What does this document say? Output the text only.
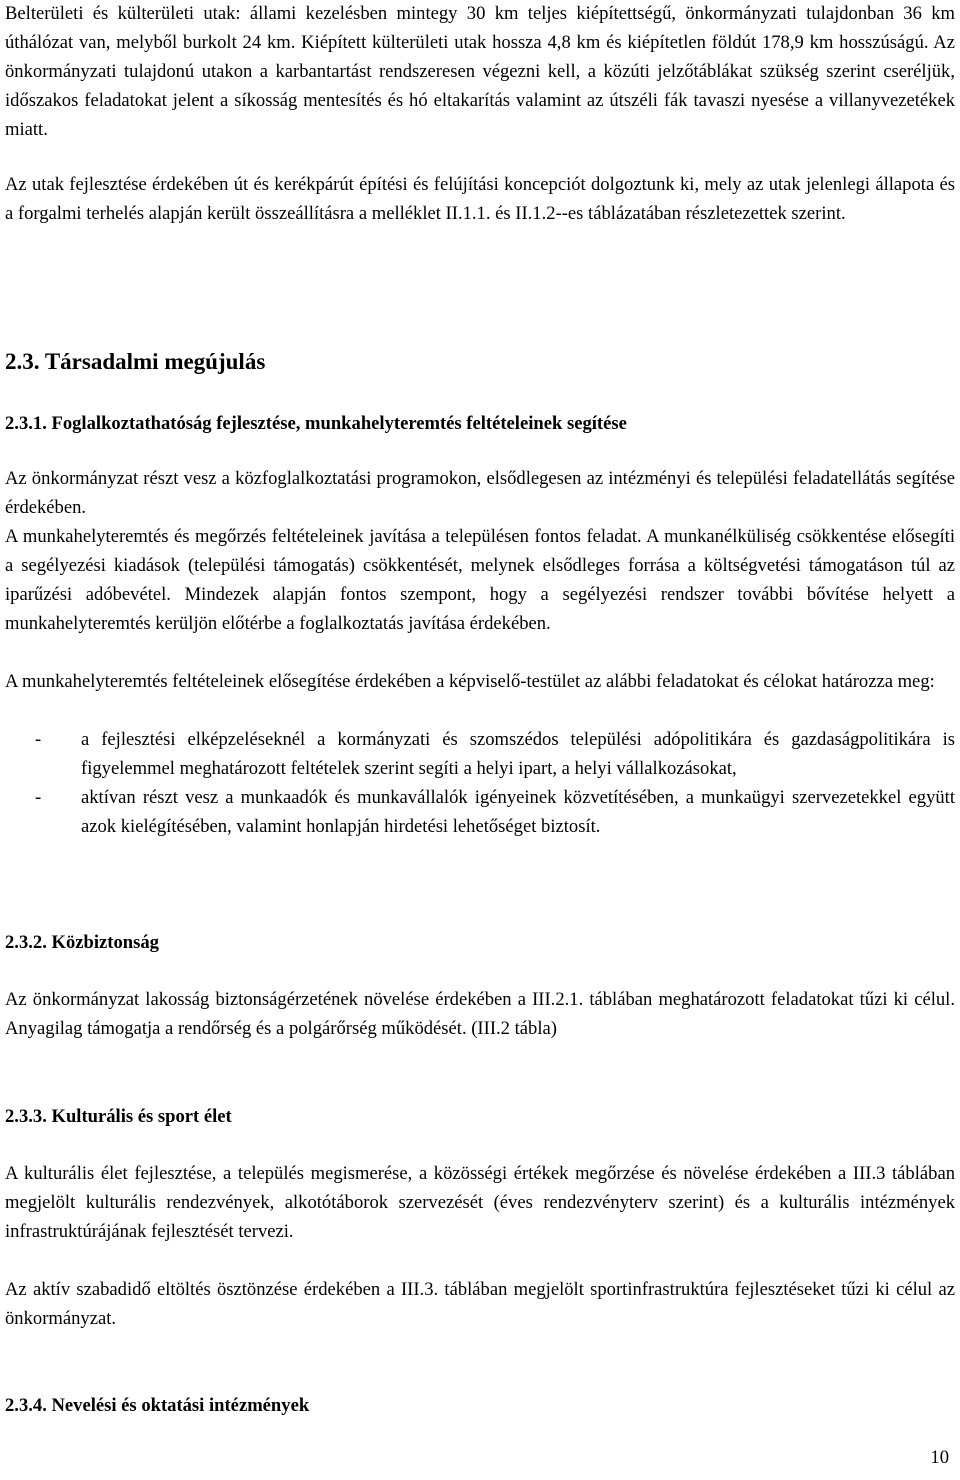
Belterületi és külterületi utak: állami kezelésben mintegy 30 km teljes kiépítettségű, önkormányzati tulajdonban 36 km úthálózat van, melyből burkolt 24 km. Kiépített külterületi utak hossza 4,8 km és kiépítetlen földút 178,9 km hosszúságú. Az önkormányzati tulajdonú utakon a karbantartást rendszeresen végezni kell, a közúti jelzőtáblákat szükség szerint cseréljük, időszakos feladatokat jelent a síkosság mentesítés és hó eltakarítás valamint az útszéli fák tavaszi nyesése a villanyvezetékek miatt.

Az utak fejlesztése érdekében út és kerékpárút építési és felújítási koncepciót dolgoztunk ki, mely az utak jelenlegi állapota és a forgalmi terhelés alapján került összeállításra a melléklet II.1.1. és II.1.2--es táblázatában részletezettek szerint.

2.3. Társadalmi megújulás
2.3.1. Foglalkoztathatóság fejlesztése, munkahelyteremtés feltételeinek segítése

Az önkormányzat részt vesz a közfoglalkoztatási programokon, elsődlegesen az intézményi és települési feladatellátás segítése érdekében.

A munkahelyteremtés és megőrzés feltételeinek javítása a településen fontos feladat. A munkanélküliség csökkentése elősegíti a segélyezési kiadások (települési támogatás) csökkentését, melynek elsődleges forrása a költségvetési támogatáson túl az iparűzési adóbevétel. Mindezek alapján fontos szempont, hogy a segélyezési rendszer további bővítése helyett a munkahelyteremtés kerüljön előtérbe a foglalkoztatás javítása érdekében.

A munkahelyteremtés feltételeinek elősegítése érdekében a képviselő-testület az alábbi feladatokat és célokat határozza meg:

- a fejlesztési elképzeléseknél a kormányzati és szomszédos települési adópolitikára és gazdaságpolitikára is figyelemmel meghatározott feltételek szerint segíti a helyi ipart, a helyi vállalkozásokat,

- aktívan részt vesz a munkaadók és munkavállalók igényeinek közvetítésében, a munkaügyi szervezetekkel együtt azok kielégítésében, valamint honlapján hirdetési lehetőséget biztosít.

2.3.2. Közbiztonság

Az önkormányzat lakosság biztonságérzetének növelése érdekében a III.2.1. táblában meghatározott feladatokat tűzi ki célul. Anyagilag támogatja a rendőrség és a polgárőrség működését. (III.2 tábla)

2.3.3. Kulturális és sport élet

A kulturális élet fejlesztése, a település megismerése, a közösségi értékek megőrzése és növelése érdekében a III.3 táblában megjelölt kulturális rendezvények, alkotótáborok szervezését (éves rendezvényterv szerint) és a kulturális intézmények infrastruktúrájának fejlesztését tervezi.

Az aktív szabadidő eltöltés ösztönzése érdekében a III.3. táblában megjelölt sportinfrastruktúra fejlesztéseket tűzi ki célul az önkormányzat.

2.3.4. Nevelési és oktatási intézmények
10
